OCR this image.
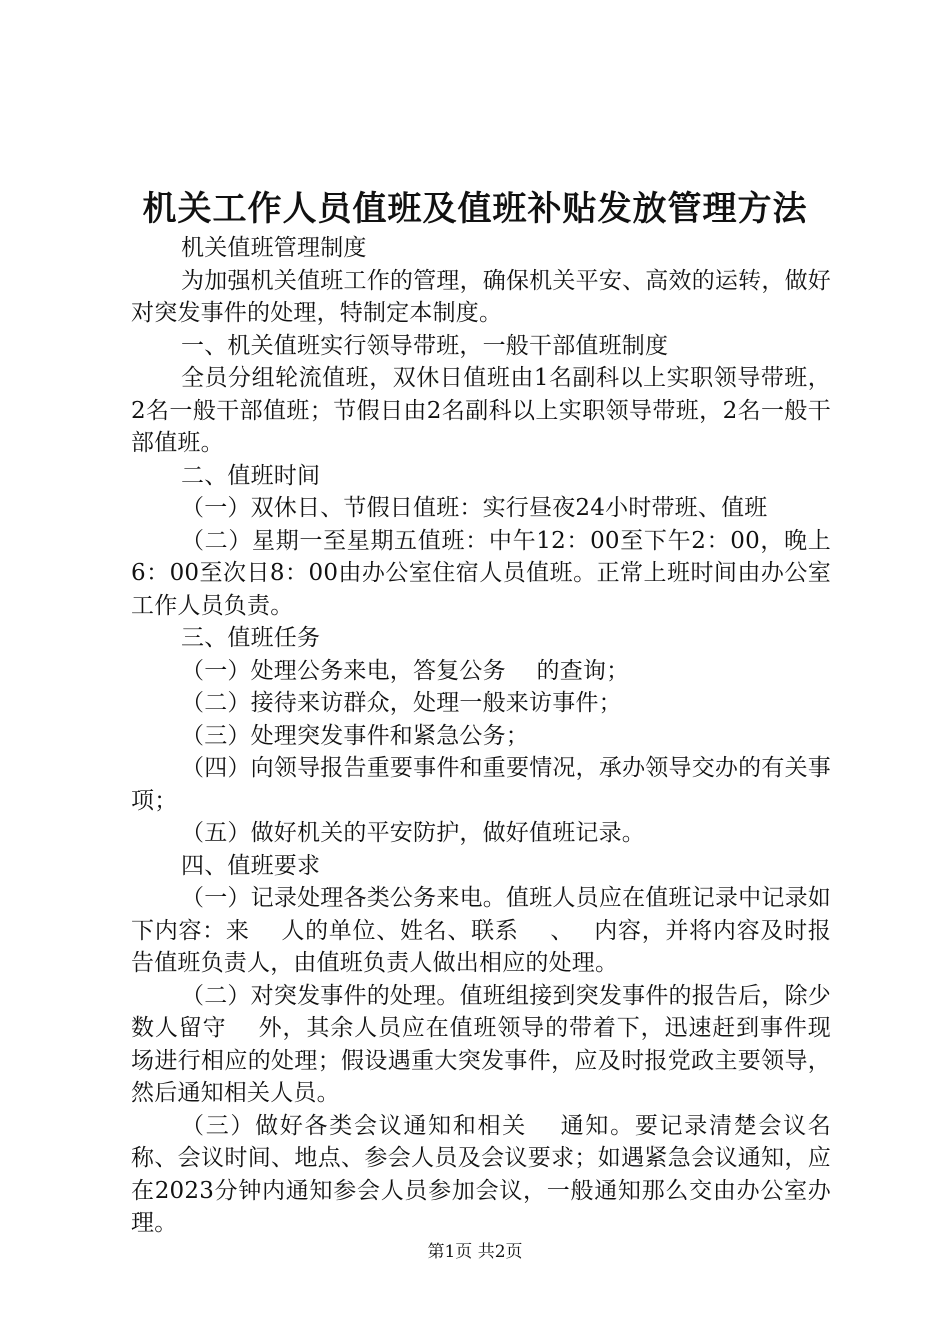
机关工作人员值班及值班补贴发放管理方法

机关值班管理制度

为加强机关值班工作的管理，确保机关平安、高效的运转，做好对突发事件的处理，特制定本制度。

一、机关值班实行领导带班，一般干部值班制度

全员分组轮流值班，双休日值班由1名副科以上实职领导带班，2名一般干部值班；节假日由2名副科以上实职领导带班，2名一般干部值班。

二、值班时间

（一）双休日、节假日值班：实行昼夜24小时带班、值班

（二）星期一至星期五值班：中午12：00至下午2：00，晚上6：00至次日8：00由办公室住宿人员值班。正常上班时间由办公室工作人员负责。

三、值班任务

（一）处理公务来电，答复公务　 的查询；

（二）接待来访群众，处理一般来访事件；

（三）处理突发事件和紧急公务；

（四）向领导报告重要事件和重要情况，承办领导交办的有关事项；

（五）做好机关的平安防护，做好值班记录。

四、值班要求

（一）记录处理各类公务来电。值班人员应在值班记录中记录如下内容：来　 人的单位、姓名、联系　 、　 内容，并将内容及时报告值班负责人，由值班负责人做出相应的处理。

（二）对突发事件的处理。值班组接到突发事件的报告后，除少数人留守　 外，其余人员应在值班领导的带着下，迅速赶到事件现场进行相应的处理；假设遇重大突发事件，应及时报党政主要领导，然后通知相关人员。

（三）做好各类会议通知和相关　 通知。要记录清楚会议名称、会议时间、地点、参会人员及会议要求；如遇紧急会议通知，应在2023分钟内通知参会人员参加会议，一般通知那么交由办公室办理。

第1页 共2页
